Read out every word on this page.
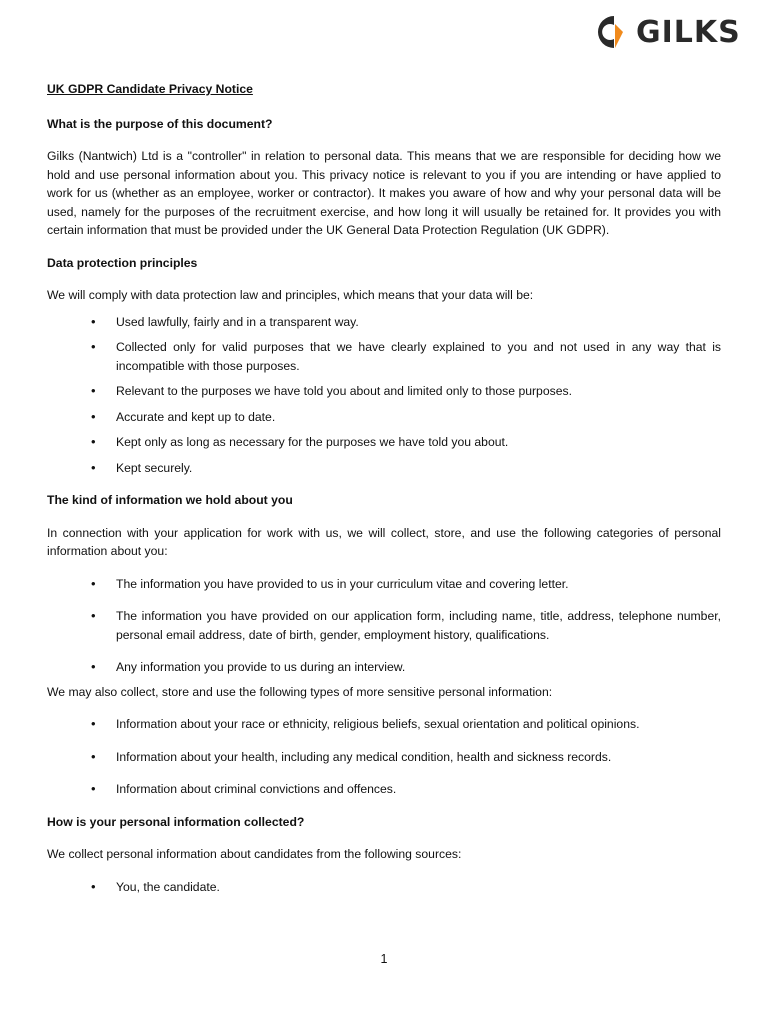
GILKS

UK GDPR Candidate Privacy Notice

What is the purpose of this document?

Gilks (Nantwich) Ltd is a "controller" in relation to personal data. This means that we are responsible for deciding how we hold and use personal information about you. This privacy notice is relevant to you if you are intending or have applied to work for us (whether as an employee, worker or contractor). It makes you aware of how and why your personal data will be used, namely for the purposes of the recruitment exercise, and how long it will usually be retained for. It provides you with certain information that must be provided under the UK General Data Protection Regulation (UK GDPR).

Data protection principles

We will comply with data protection law and principles, which means that your data will be:

• Used lawfully, fairly and in a transparent way.
• Collected only for valid purposes that we have clearly explained to you and not used in any way that is incompatible with those purposes.
• Relevant to the purposes we have told you about and limited only to those purposes.
• Accurate and kept up to date.
• Kept only as long as necessary for the purposes we have told you about.
• Kept securely.

The kind of information we hold about you

In connection with your application for work with us, we will collect, store, and use the following categories of personal information about you:

• The information you have provided to us in your curriculum vitae and covering letter.
• The information you have provided on our application form, including name, title, address, telephone number, personal email address, date of birth, gender, employment history, qualifications.
• Any information you provide to us during an interview.

We may also collect, store and use the following types of more sensitive personal information:

• Information about your race or ethnicity, religious beliefs, sexual orientation and political opinions.
• Information about your health, including any medical condition, health and sickness records.
• Information about criminal convictions and offences.

How is your personal information collected?

We collect personal information about candidates from the following sources:

• You, the candidate.
1
